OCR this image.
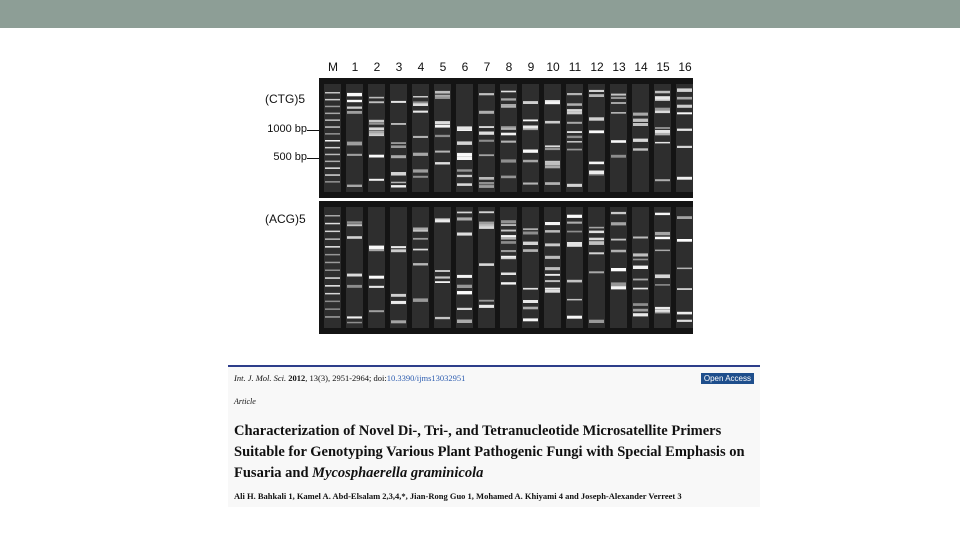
M	1	2	3	4	5	6	7	8	9 10 11 12 13 14 15 16
(CTG)5
1000 bp
500 bp
(ACG)5
Int. J. Mol. Sci. 2012, 13(3), 2951-2964; doi:10.3390/ijms13032951	Open Access
Article
Characterization of Novel Di-, Tri-, and Tetranucleotide Microsatellite Primers Suitable for Genotyping Various Plant Pathogenic Fungi with Special Emphasis on Fusaria and Mycosphaerella graminicola
Ali H. Bahkali 1, Kamel A. Abd-Elsalam 2,3,4,*, Jian-Rong Guo 1, Mohamed A. Khiyami 4 and Joseph-Alexander Verreet 3
